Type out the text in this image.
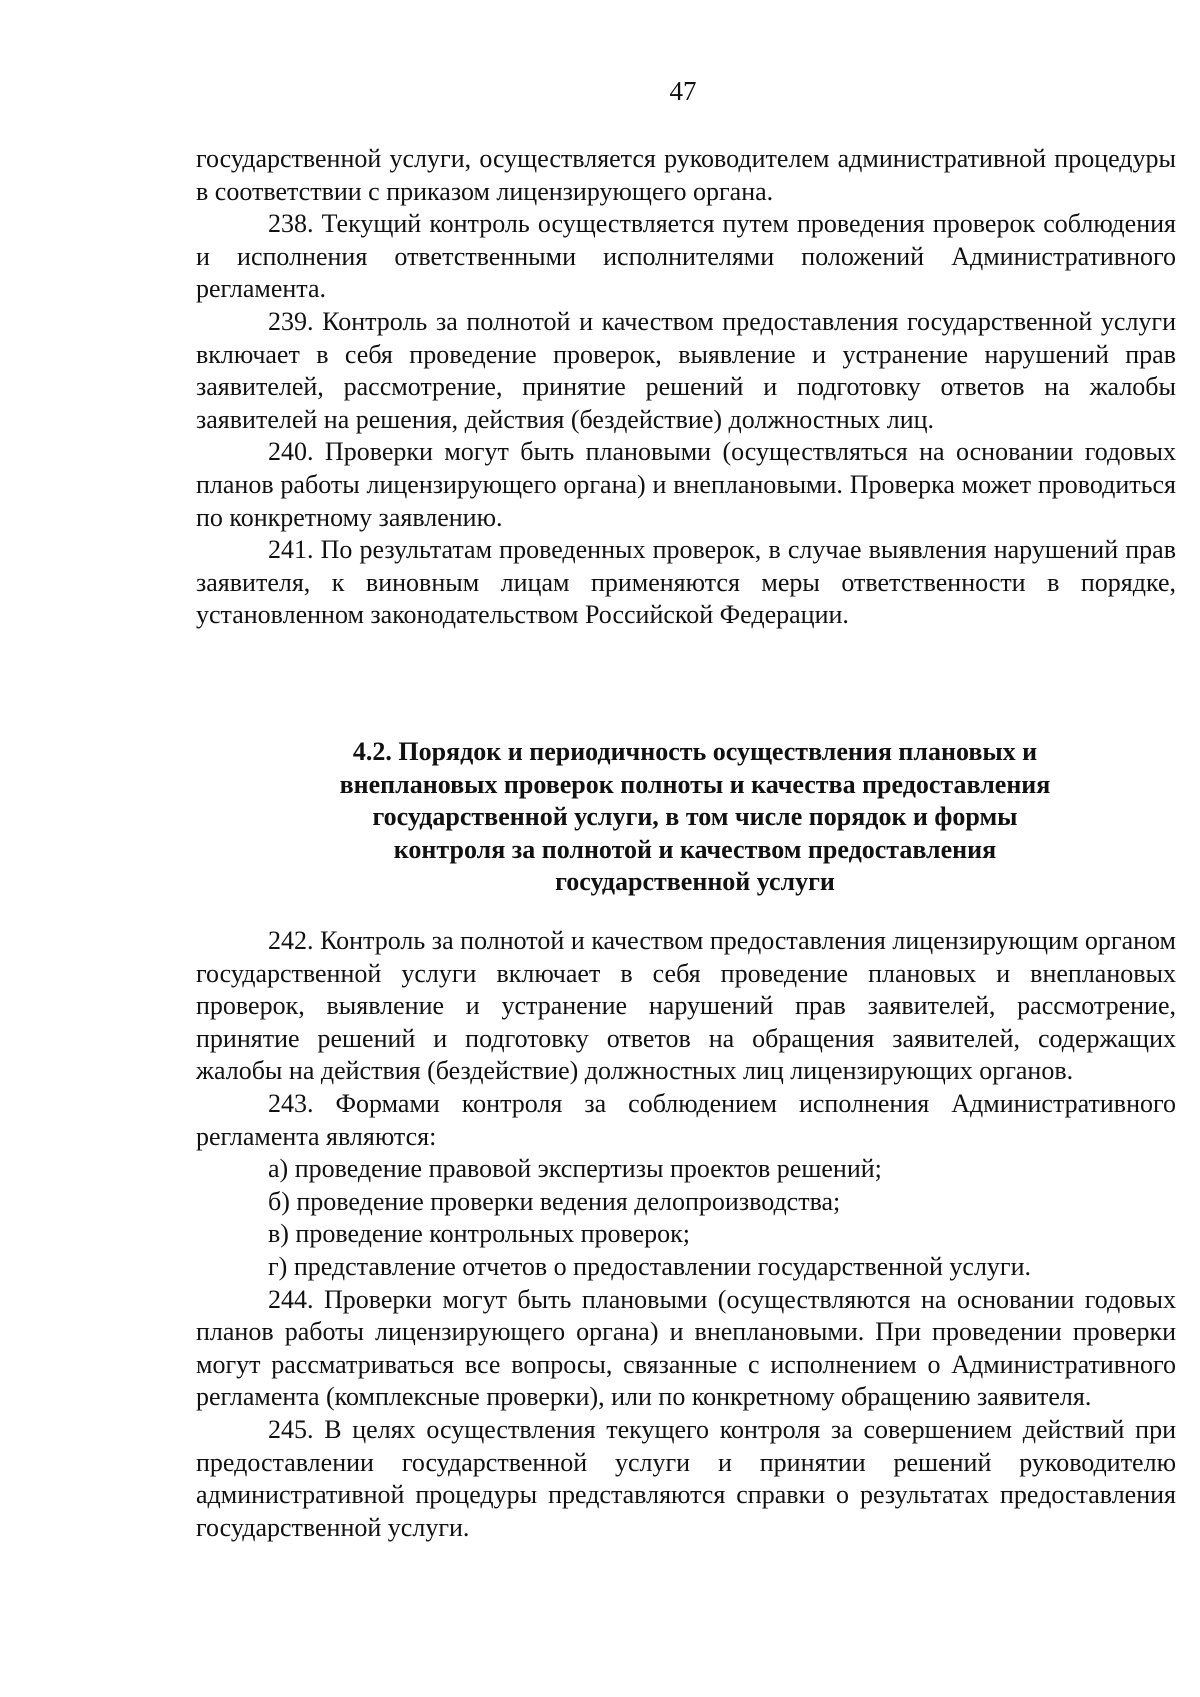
47

государственной услуги, осуществляется руководителем административной процедуры в соответствии с приказом лицензирующего органа.

238. Текущий контроль осуществляется путем проведения проверок соблюдения и исполнения ответственными исполнителями положений Административного регламента.

239. Контроль за полнотой и качеством предоставления государственной услуги включает в себя проведение проверок, выявление и устранение нарушений прав заявителей, рассмотрение, принятие решений и подготовку ответов на жалобы заявителей на решения, действия (бездействие) должностных лиц.

240. Проверки могут быть плановыми (осуществляться на основании годовых планов работы лицензирующего органа) и внеплановыми. Проверка может проводиться по конкретному заявлению.

241. По результатам проведенных проверок, в случае выявления нарушений прав заявителя, к виновным лицам применяются меры ответственности в порядке, установленном законодательством Российской Федерации.

4.2. Порядок и периодичность осуществления плановых и
внеплановых проверок полноты и качества предоставления
государственной услуги, в том числе порядок и формы
контроля за полнотой и качеством предоставления
государственной услуги

242. Контроль за полнотой и качеством предоставления лицензирующим органом государственной услуги включает в себя проведение плановых и внеплановых проверок, выявление и устранение нарушений прав заявителей, рассмотрение, принятие решений и подготовку ответов на обращения заявителей, содержащих жалобы на действия (бездействие) должностных лиц лицензирующих органов.

243. Формами контроля за соблюдением исполнения Административного регламента являются:

а) проведение правовой экспертизы проектов решений;

б) проведение проверки ведения делопроизводства;

в) проведение контрольных проверок;

г) представление отчетов о предоставлении государственной услуги.

244. Проверки могут быть плановыми (осуществляются на основании годовых планов работы лицензирующего органа) и внеплановыми. При проведении проверки могут рассматриваться все вопросы, связанные с исполнением о Административного регламента (комплексные проверки), или по конкретному обращению заявителя.

245. В целях осуществления текущего контроля за совершением действий при предоставлении государственной услуги и принятии решений руководителю административной процедуры представляются справки о результатах предоставления государственной услуги.
